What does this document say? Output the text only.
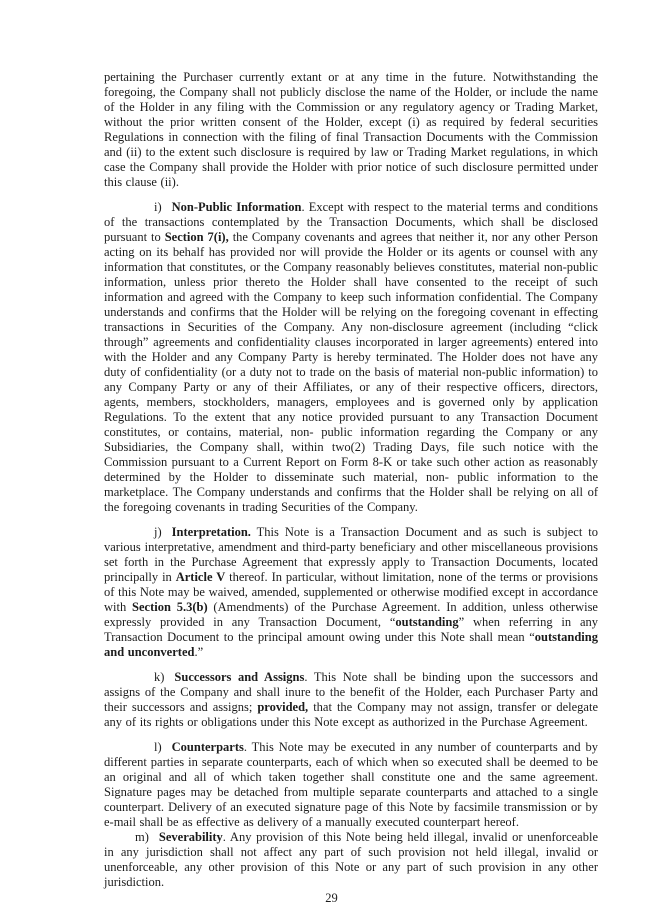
pertaining the Purchaser currently extant or at any time in the future. Notwithstanding the foregoing, the Company shall not publicly disclose the name of the Holder, or include the name of the Holder in any filing with the Commission or any regulatory agency or Trading Market, without the prior written consent of the Holder, except (i) as required by federal securities Regulations in connection with the filing of final Transaction Documents with the Commission and (ii) to the extent such disclosure is required by law or Trading Market regulations, in which case the Company shall provide the Holder with prior notice of such disclosure permitted under this clause (ii).

i) Non-Public Information. Except with respect to the material terms and conditions of the transactions contemplated by the Transaction Documents, which shall be disclosed pursuant to Section 7(i), the Company covenants and agrees that neither it, nor any other Person acting on its behalf has provided nor will provide the Holder or its agents or counsel with any information that constitutes, or the Company reasonably believes constitutes, material non-public information, unless prior thereto the Holder shall have consented to the receipt of such information and agreed with the Company to keep such information confidential. The Company understands and confirms that the Holder will be relying on the foregoing covenant in effecting transactions in Securities of the Company. Any non-disclosure agreement (including “click through” agreements and confidentiality clauses incorporated in larger agreements) entered into with the Holder and any Company Party is hereby terminated. The Holder does not have any duty of confidentiality (or a duty not to trade on the basis of material non-public information) to any Company Party or any of their Affiliates, or any of their respective officers, directors, agents, members, stockholders, managers, employees and is governed only by application Regulations. To the extent that any notice provided pursuant to any Transaction Document constitutes, or contains, material, non- public information regarding the Company or any Subsidiaries, the Company shall, within two(2) Trading Days, file such notice with the Commission pursuant to a Current Report on Form 8-K or take such other action as reasonably determined by the Holder to disseminate such material, non- public information to the marketplace. The Company understands and confirms that the Holder shall be relying on all of the foregoing covenants in trading Securities of the Company.

j) Interpretation. This Note is a Transaction Document and as such is subject to various interpretative, amendment and third-party beneficiary and other miscellaneous provisions set forth in the Purchase Agreement that expressly apply to Transaction Documents, located principally in Article V thereof. In particular, without limitation, none of the terms or provisions of this Note may be waived, amended, supplemented or otherwise modified except in accordance with Section 5.3(b) (Amendments) of the Purchase Agreement. In addition, unless otherwise expressly provided in any Transaction Document, “outstanding” when referring in any Transaction Document to the principal amount owing under this Note shall mean “outstanding and unconverted.”

k) Successors and Assigns. This Note shall be binding upon the successors and assigns of the Company and shall inure to the benefit of the Holder, each Purchaser Party and their successors and assigns; provided, that the Company may not assign, transfer or delegate any of its rights or obligations under this Note except as authorized in the Purchase Agreement.

l) Counterparts. This Note may be executed in any number of counterparts and by different parties in separate counterparts, each of which when so executed shall be deemed to be an original and all of which taken together shall constitute one and the same agreement. Signature pages may be detached from multiple separate counterparts and attached to a single counterpart. Delivery of an executed signature page of this Note by facsimile transmission or by e-mail shall be as effective as delivery of a manually executed counterpart hereof.

m) Severability. Any provision of this Note being held illegal, invalid or unenforceable in any jurisdiction shall not affect any part of such provision not held illegal, invalid or unenforceable, any other provision of this Note or any part of such provision in any other jurisdiction.

29
